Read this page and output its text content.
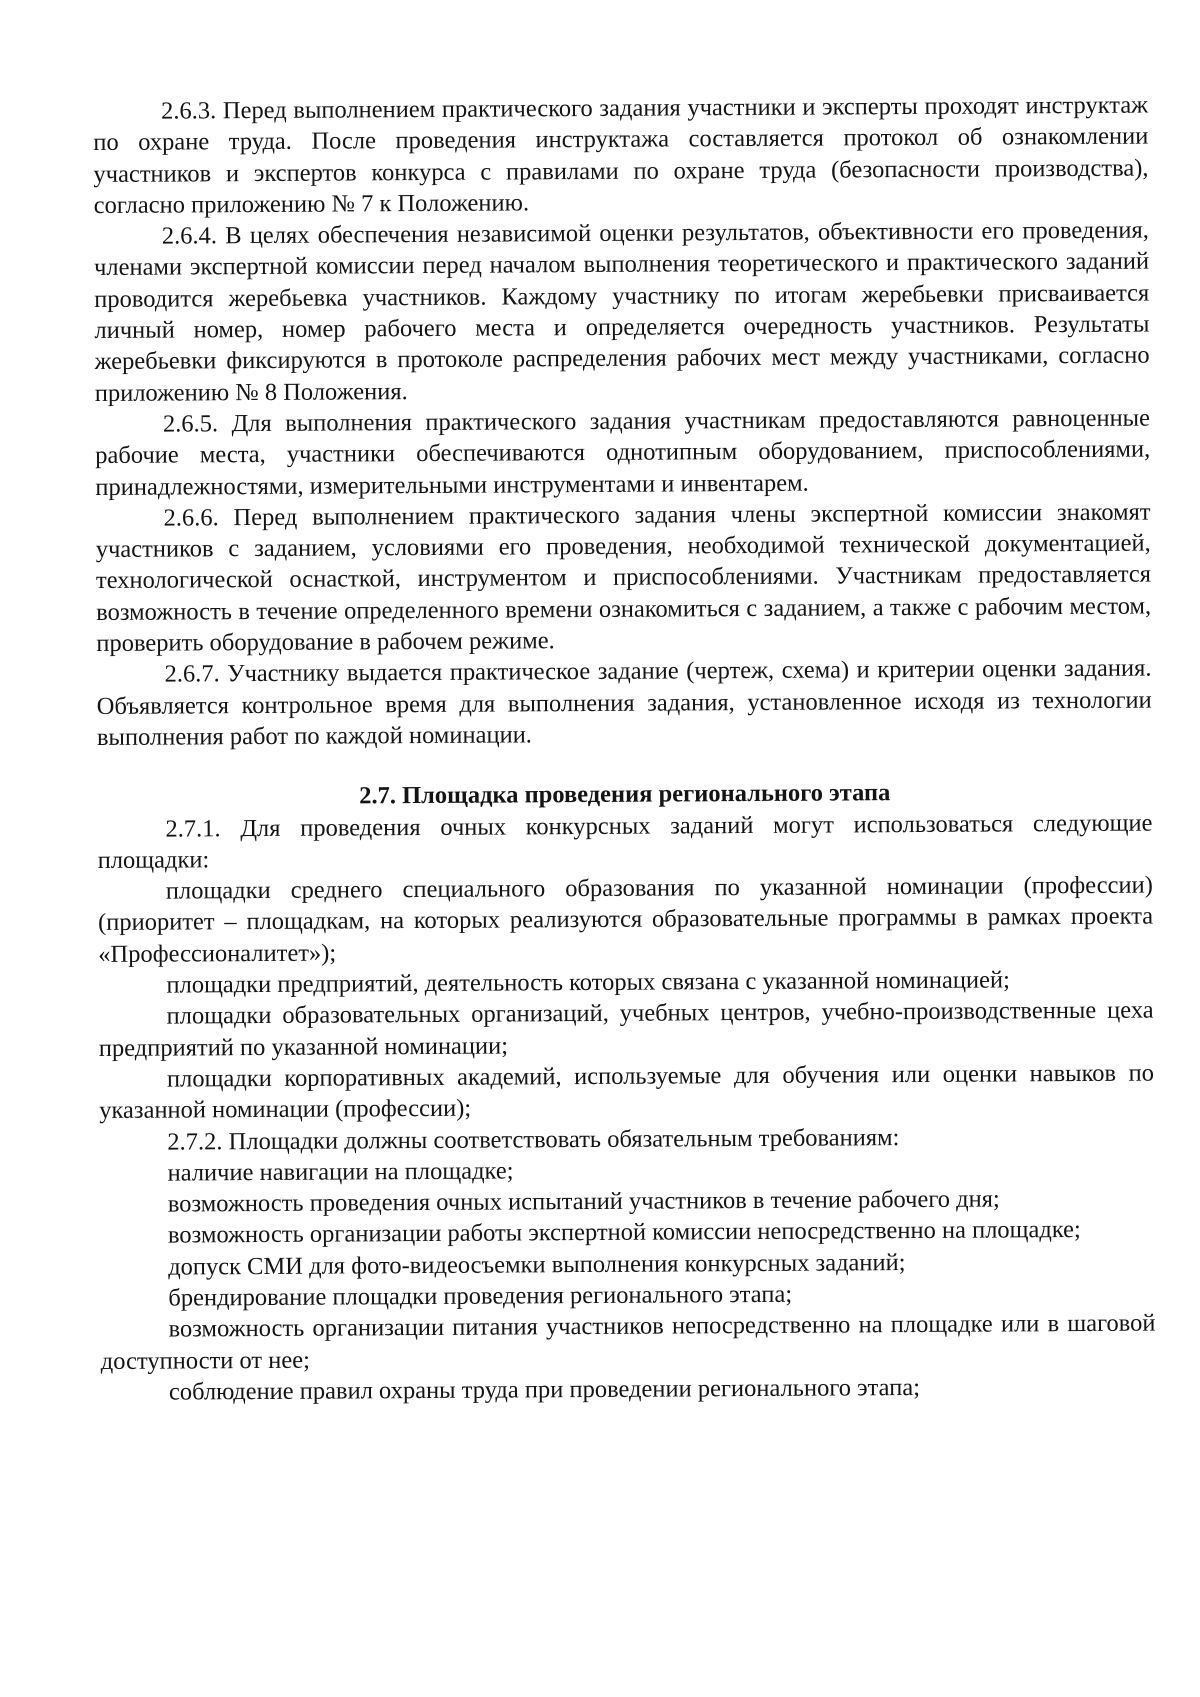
2.6.3. Перед выполнением практического задания участники и эксперты проходят инструктаж по охране труда. После проведения инструктажа составляется протокол об ознакомлении участников и экспертов конкурса с правилами по охране труда (безопасности производства), согласно приложению № 7 к Положению.

2.6.4. В целях обеспечения независимой оценки результатов, объективности его проведения, членами экспертной комиссии перед началом выполнения теоретического и практического заданий проводится жеребьевка участников. Каждому участнику по итогам жеребьевки присваивается личный номер, номер рабочего места и определяется очередность участников. Результаты жеребьевки фиксируются в протоколе распределения рабочих мест между участниками, согласно приложению № 8 Положения.

2.6.5. Для выполнения практического задания участникам предоставляются равноценные рабочие места, участники обеспечиваются однотипным оборудованием, приспособлениями, принадлежностями, измерительными инструментами и инвентарем.

2.6.6. Перед выполнением практического задания члены экспертной комиссии знакомят участников с заданием, условиями его проведения, необходимой технической документацией, технологической оснасткой, инструментом и приспособлениями. Участникам предоставляется возможность в течение определенного времени ознакомиться с заданием, а также с рабочим местом, проверить оборудование в рабочем режиме.

2.6.7. Участнику выдается практическое задание (чертеж, схема) и критерии оценки задания. Объявляется контрольное время для выполнения задания, установленное исходя из технологии выполнения работ по каждой номинации.

2.7. Площадка проведения регионального этапа

2.7.1. Для проведения очных конкурсных заданий могут использоваться следующие площадки:

площадки среднего специального образования по указанной номинации (профессии) (приоритет – площадкам, на которых реализуются образовательные программы в рамках проекта «Профессионалитет»);

площадки предприятий, деятельность которых связана с указанной номинацией;

площадки образовательных организаций, учебных центров, учебно-производственные цеха предприятий по указанной номинации;

площадки корпоративных академий, используемые для обучения или оценки навыков по указанной номинации (профессии);

2.7.2. Площадки должны соответствовать обязательным требованиям:

наличие навигации на площадке;

возможность проведения очных испытаний участников в течение рабочего дня;

возможность организации работы экспертной комиссии непосредственно на площадке;

допуск СМИ для фото-видеосъемки выполнения конкурсных заданий;

брендирование площадки проведения регионального этапа;

возможность организации питания участников непосредственно на площадке или в шаговой доступности от нее;

соблюдение правил охраны труда при проведении регионального этапа;
